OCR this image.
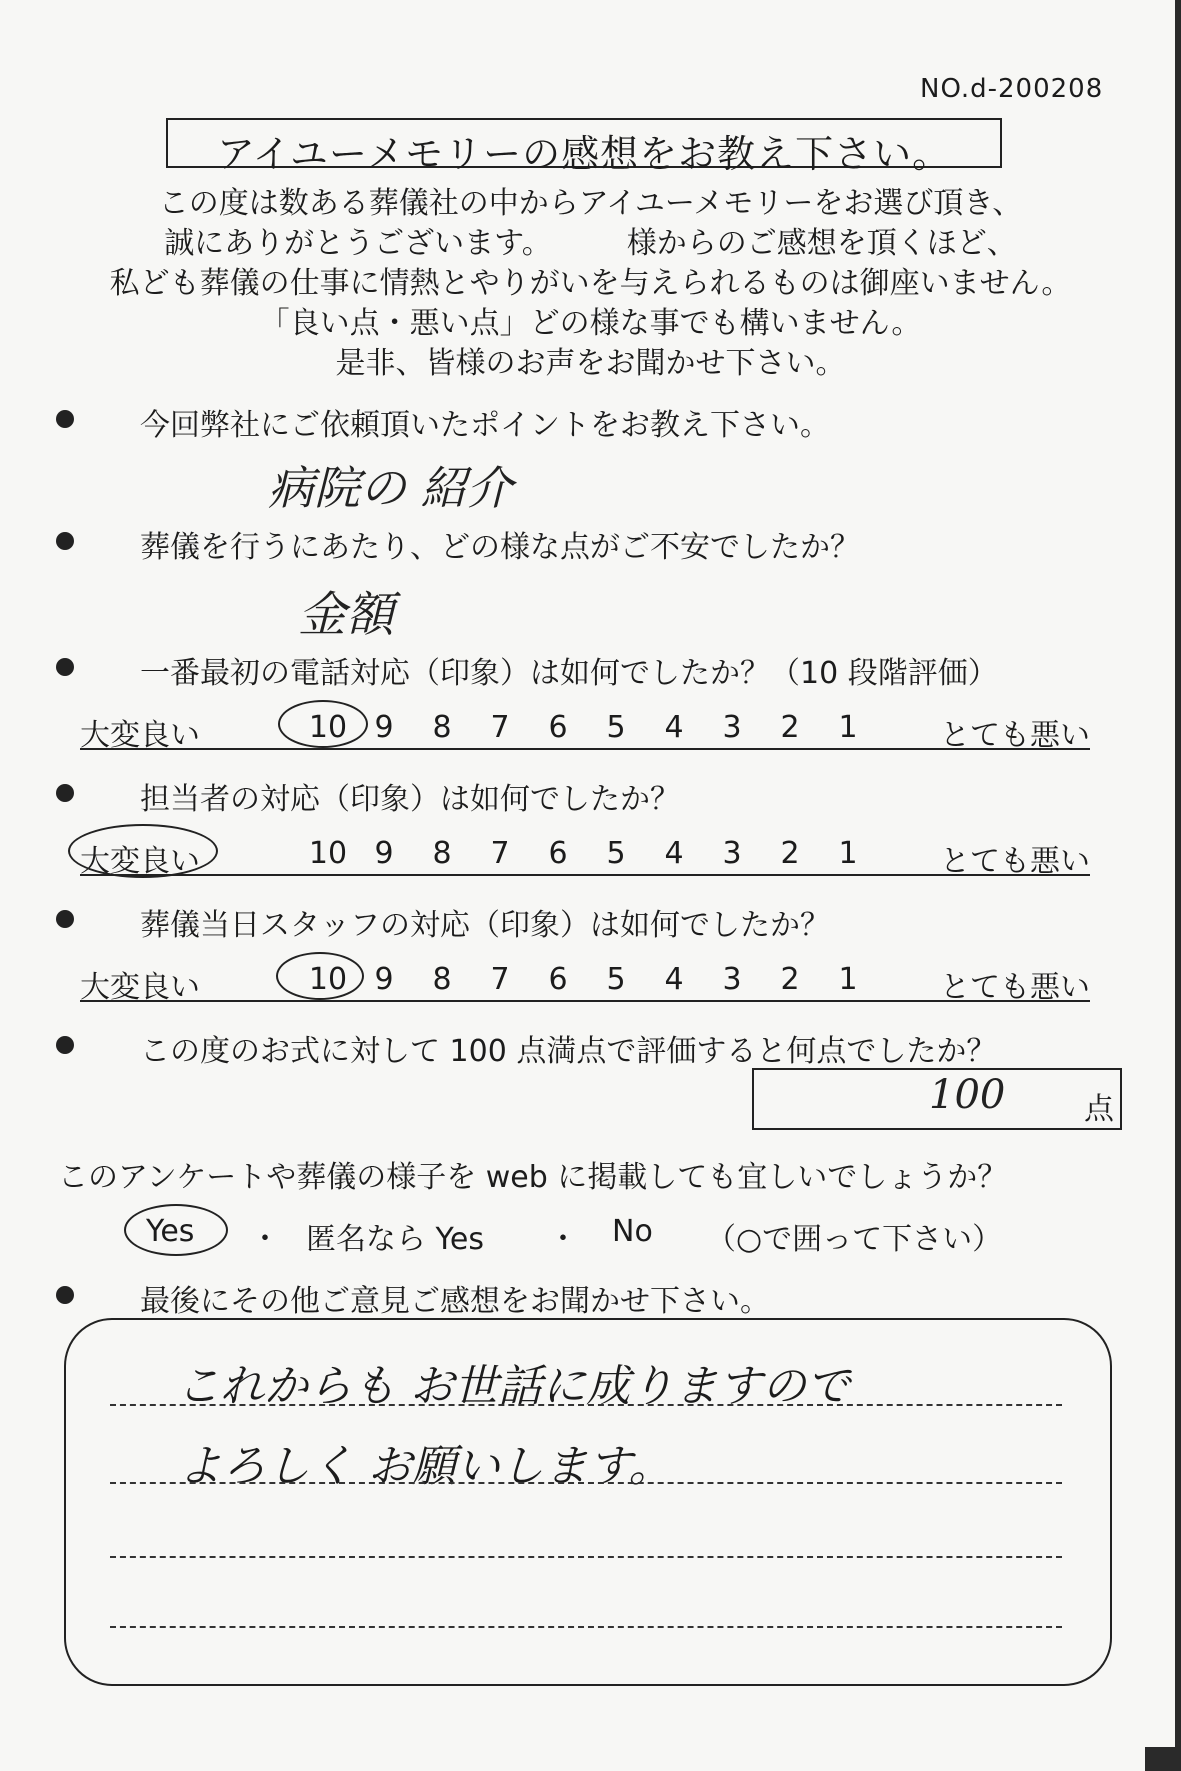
NO.d-200208
アイユーメモリーの感想をお教え下さい。
この度は数ある葬儀社の中からアイユーメモリーをお選び頂き、
誠にありがとうございます。　　　様からのご感想を頂くほど、
私ども葬儀の仕事に情熱とやりがいを与えられるものは御座いません。
「良い点・悪い点」どの様な事でも構いません。
是非、皆様のお声をお聞かせ下さい。
今回弊社にご依頼頂いたポイントをお教え下さい。
病院の 紹介
葬儀を行うにあたり、どの様な点がご不安でしたか？
金額
一番最初の電話対応（印象）は如何でしたか？（10 段階評価）
大変良い	10 9	8	7	6	5	4	3	2	1	とても悪い
担当者の対応（印象）は如何でしたか？
大変良い	10 9	8	7	6	5	4	3	2	1	とても悪い
葬儀当日スタッフの対応（印象）は如何でしたか？
大変良い	10 9	8	7	6	5	4	3	2	1	とても悪い
この度のお式に対して 100 点満点で評価すると何点でしたか？
100	点
このアンケートや葬儀の様子を web に掲載しても宜しいでしょうか？
Yes ・ 匿名なら Yes ・ No （○で囲って下さい）
最後にその他ご意見ご感想をお聞かせ下さい。
これからも お世話に成りますので
よろしく お願いします。
